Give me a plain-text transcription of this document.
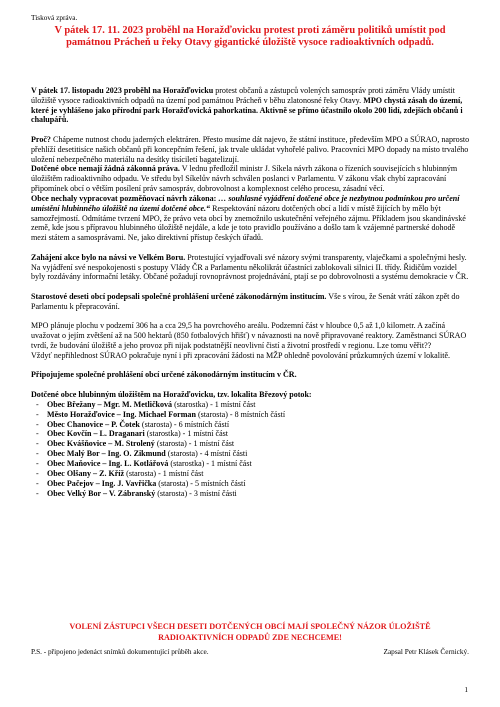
Tisková zpráva.
V pátek 17. 11. 2023 proběhl na Horažďovicku protest proti záměru politiků umístit pod památnou Prácheň u řeky Otavy gigantické úložiště vysoce radioaktivních odpadů.

V pátek 17. listopadu 2023 proběhl na Horažďovicku protest občanů a zástupců volených samospráv proti záměru Vlády umístit úložiště vysoce radioaktivních odpadů na území pod památnou Prácheň v běhu zlatonosné řeky Otavy. MPO chystá zásah do území, které je vyhlášeno jako přírodní park Horažďovická pahorkatina. Aktivně se přímo účastnilo okolo 200 lidí, zdejších občanů i chalupářů.

Proč? Chápeme nutnost chodu jaderných elektráren. Přesto musíme dát najevo, že státní instituce, především MPO a SÚRAO, naprosto přehlíží desetitisíce našich občanů při koncepčním řešení, jak trvale ukládat vyhořelé palivo. Pracovníci MPO dopady na místo trvalého uložení nebezpečného materiálu na desítky tisíciletí bagatelizují.

Dotčené obce nemají žádná zákonná práva. V lednu předložil ministr J. Síkela návrh zákona o řízeních souvisejících s hlubinným úložištěm radioaktivního odpadu. Ve středu byl Síkelův návrh schválen poslanci v Parlamentu. V zákonu však chybí zapracování připomínek obcí o větším posílení práv samospráv, dobrovolnost a komplexnost celého procesu, zásadní věcí.

Obce nechaly vypracovat pozměňovací návrh zákona: … souhlasné vyjádření dotčené obce je nezbytnou podmínkou pro určení umístění hlubinného úložiště na území dotčené obce.“ Respektování názoru dotčených obcí a lidí v místě žijících by mělo být samozřejmostí. Odmítáme tvrzení MPO, že právo veta obcí by znemožnilo uskutečnění veřejného zájmu. Příkladem jsou skandinávské země, kde jsou s přípravou hlubinného úložiště nejdále, a kde je toto pravidlo používáno a došlo tam k vzájemné partnerské dohodě mezi státem a samosprávami. Ne, jako direktivní přístup českých úřadů.

Zahájení akce bylo na návsi ve Velkém Boru. Protestující vyjadřovali své názory svými transparenty, vlaječkami a společnými hesly. Na vyjádření své nespokojenosti s postupy Vlády ČR a Parlamentu několikrát účastníci zablokovali silnici II. třídy. Řidičům vozidel byly rozdávány informační letáky. Občané požadují rovnoprávnost projednávání, ptají se po dobrovolnosti a systému demokracie v ČR.

Starostové deseti obcí podepsali společné prohlášení určené zákonodárným institucím. Vše s vírou, že Senát vrátí zákon zpět do Parlamentu k přepracování.

MPO plánuje plochu v podzemí 306 ha a cca 29,5 ha povrchového areálu. Podzemní část v hloubce 0,5 až 1,0 kilometr. A začíná uvažovat o jejím zvětšení až na 500 hektarů (850 fotbalových hřišť) v návaznosti na nově připravované reaktory. Zaměstnanci SÚRAO tvrdí, že budování úložiště a jeho provoz při nijak podstatnější neovlivní čistí a životní prostředí v regionu. Lze tomu věřit??

Vždyť nepřihlednost SÚRAO pokračuje nyní i při zpracování žádosti na MŽP ohledně povolování průzkumných území v lokalitě.

Připojujeme společné prohlášení obcí určené zákonodárným institucím v ČR.

Dotčené obce hlubinným úložištěm na Horažďovicku, tzv. lokalita Březový potok:

- Obec Břežany – Mgr. M. Metličková (starostka) - 1 místní část
- Město Horažďovice – Ing. Michael Forman (starosta) - 8 místních částí
- Obec Chanovice – P. Čotek (starosta) - 6 místních částí
- Obec Kovčín – L. Draganari (starostka) - 1 místní část
- Obec Kvášňovice – M. Strolený (starosta) - 1 místní část
- Obec Malý Bor – Ing. O. Zikmund (starosta) - 4 místní části
- Obec Maňovice – Ing. L. Kotlářová (starostka) - 1 místní část
- Obec Olšany – Z. Kříž (starosta) - 1 místní část
- Obec Pačejov – Ing. J. Vavřička (starosta) - 5 místních částí
- Obec Velký Bor – V. Zábranský (starosta) - 3 místní části
VOLENÍ ZÁSTUPCI VŠECH DESETI DOTČENÝCH OBCÍ MAJÍ SPOLEČNÝ NÁZOR ÚLOŽIŠTĚ RADIOAKTIVNÍCH ODPADŮ ZDE NECHCEME!
P.S. - připojeno jedenáct snímků dokumentující průběh akce.	Zapsal Petr Klásek Černický.
1
